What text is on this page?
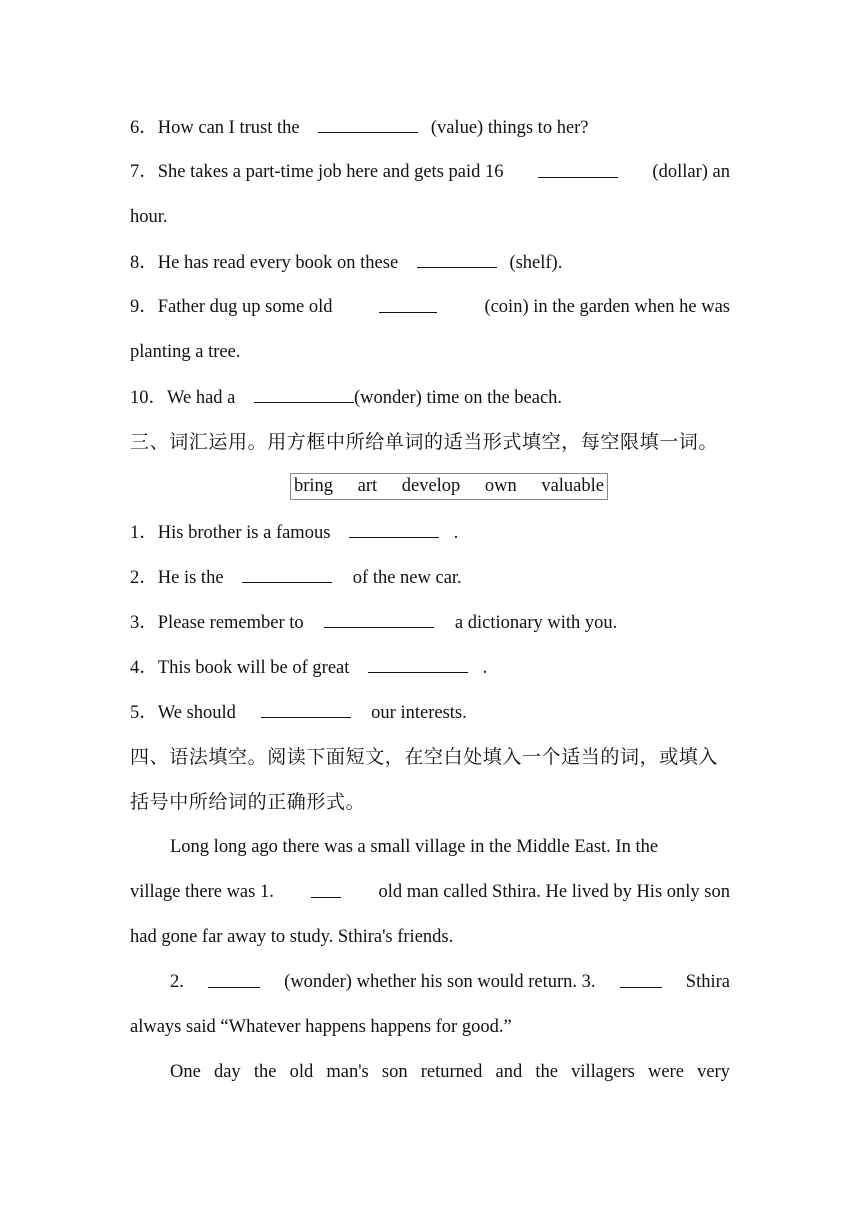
6．How can I trust the	(value) things to her?
7．She takes a part-time job here and gets paid 16	(dollar) an
hour.
8．He has read every book on these	(shelf).
9．Father dug up some old	(coin) in the garden when he was
planting a tree.
10．We had a	(wonder) time on the beach.
三、词汇运用。用方框中所给单词的适当形式填空，每空限填一词。
bring art develop own valuable
1．His brother is a famous	.
2．He is the	of the new car.
3．Please remember to	a dictionary with you.
4．This book will be of great	.
5．We should	our interests.
四、语法填空。阅读下面短文，在空白处填入一个适当的词，或填入
括号中所给词的正确形式。
Long long ago there was a small village in the Middle East. In the
village there was 1.	old man called Sthira. He lived by His only son
had gone far away to study. Sthira's friends.
2.	(wonder) whether his son would return. 3.	Sthira
always said “Whatever happens happens for good.”
One day the old man's son returned and the villagers were very
